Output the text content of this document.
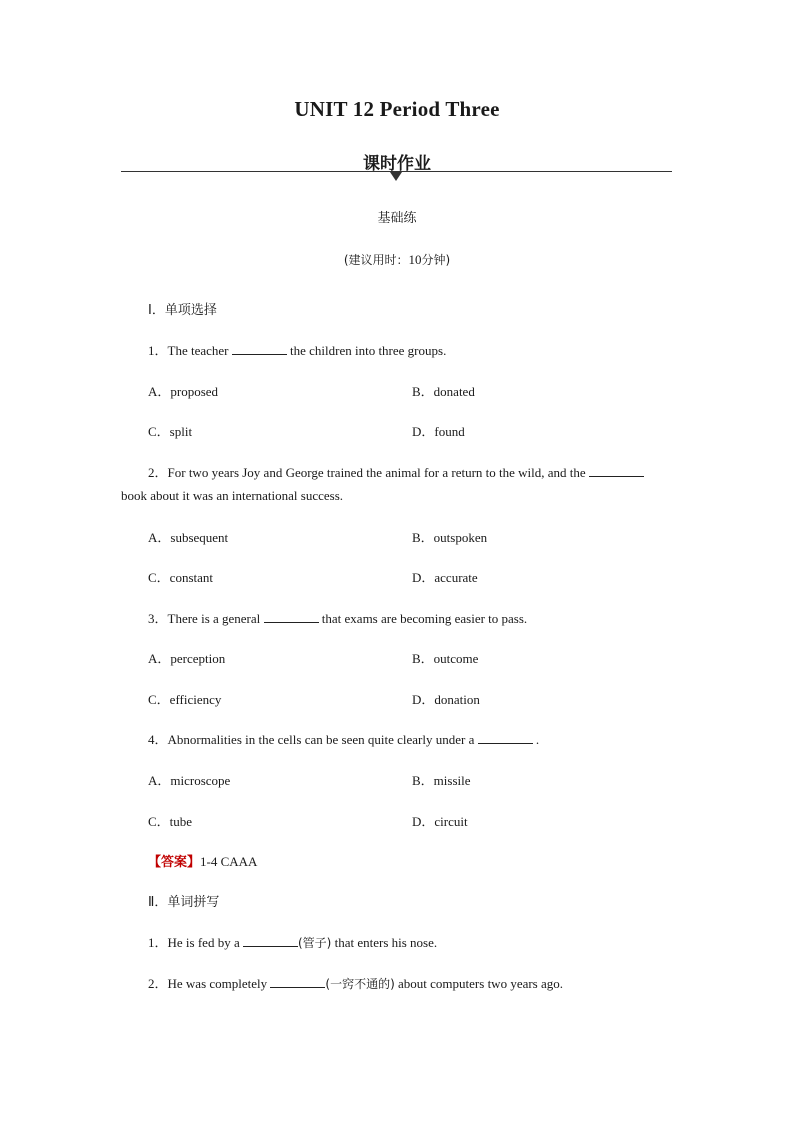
UNIT 12 Period Three
课时作业
基础练
(建议用时：10分钟)
Ⅰ．单项选择
1．The teacher	the children into three groups.
A．proposed	B．donated
C．split	D．found
2．For two years Joy and George trained the animal for a return to the wild, and the
book about it was an international success.
A．subsequent	B．outspoken
C．constant	D．accurate
3．There is a general	that exams are becoming easier to pass.
A．perception	B．outcome
C．efficiency	D．donation
4．Abnormalities in the cells can be seen quite clearly under a	.
A．microscope	B．missile
C．tube	D．circuit
【答案】1-4 CAAA
Ⅱ．单词拼写
1．He is fed by a	(管子) that enters his nose.
2．He was completely	(一窍不通的) about computers two years ago.
